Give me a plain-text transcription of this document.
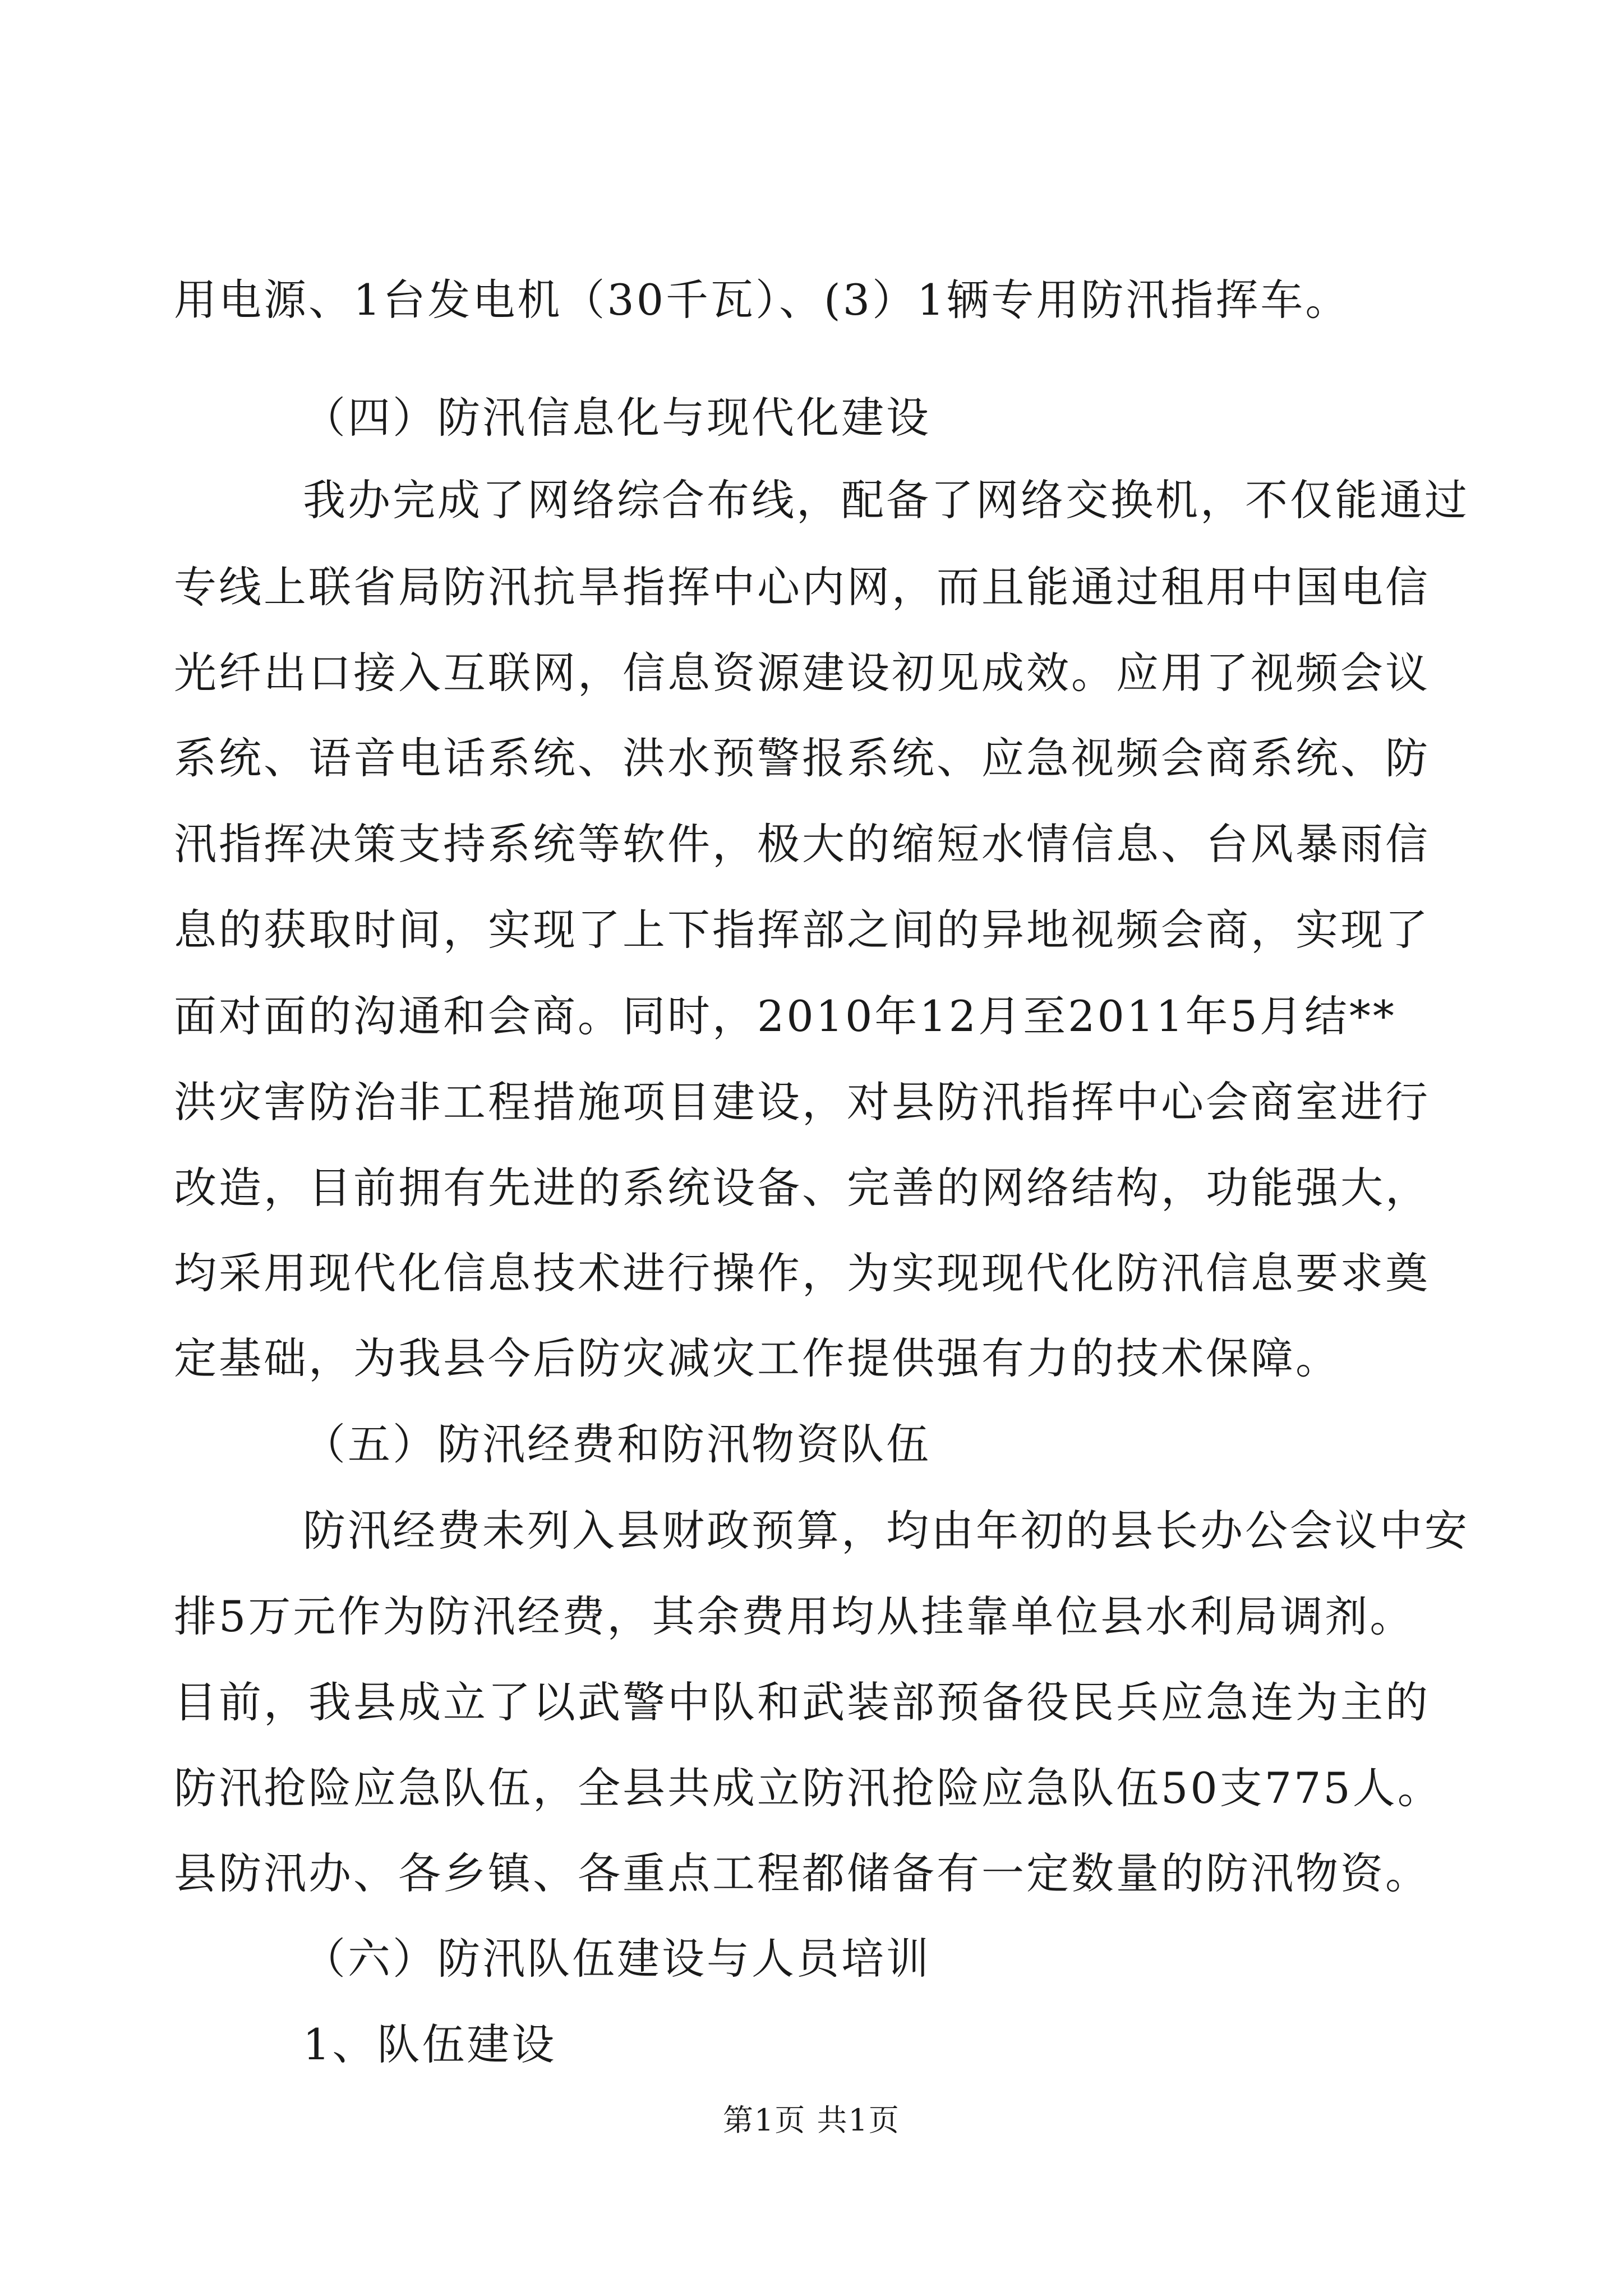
用电源、1台发电机（30千瓦）、(3）1辆专用防汛指挥车。
（四）防汛信息化与现代化建设
我办完成了网络综合布线，配备了网络交换机，不仅能通过
专线上联省局防汛抗旱指挥中心内网，而且能通过租用中国电信
光纤出口接入互联网，信息资源建设初见成效。应用了视频会议
系统、语音电话系统、洪水预警报系统、应急视频会商系统、防
汛指挥决策支持系统等软件，极大的缩短水情信息、台风暴雨信
息的获取时间，实现了上下指挥部之间的异地视频会商，实现了
面对面的沟通和会商。同时，2010年12月至2011年5月结**
洪灾害防治非工程措施项目建设，对县防汛指挥中心会商室进行
改造，目前拥有先进的系统设备、完善的网络结构，功能强大，
均采用现代化信息技术进行操作，为实现现代化防汛信息要求奠
定基础，为我县今后防灾减灾工作提供强有力的技术保障。
（五）防汛经费和防汛物资队伍
防汛经费未列入县财政预算，均由年初的县长办公会议中安
排5万元作为防汛经费，其余费用均从挂靠单位县水利局调剂。
目前，我县成立了以武警中队和武装部预备役民兵应急连为主的
防汛抢险应急队伍，全县共成立防汛抢险应急队伍50支775人。
县防汛办、各乡镇、各重点工程都储备有一定数量的防汛物资。
（六）防汛队伍建设与人员培训
1、队伍建设
第1页 共1页
